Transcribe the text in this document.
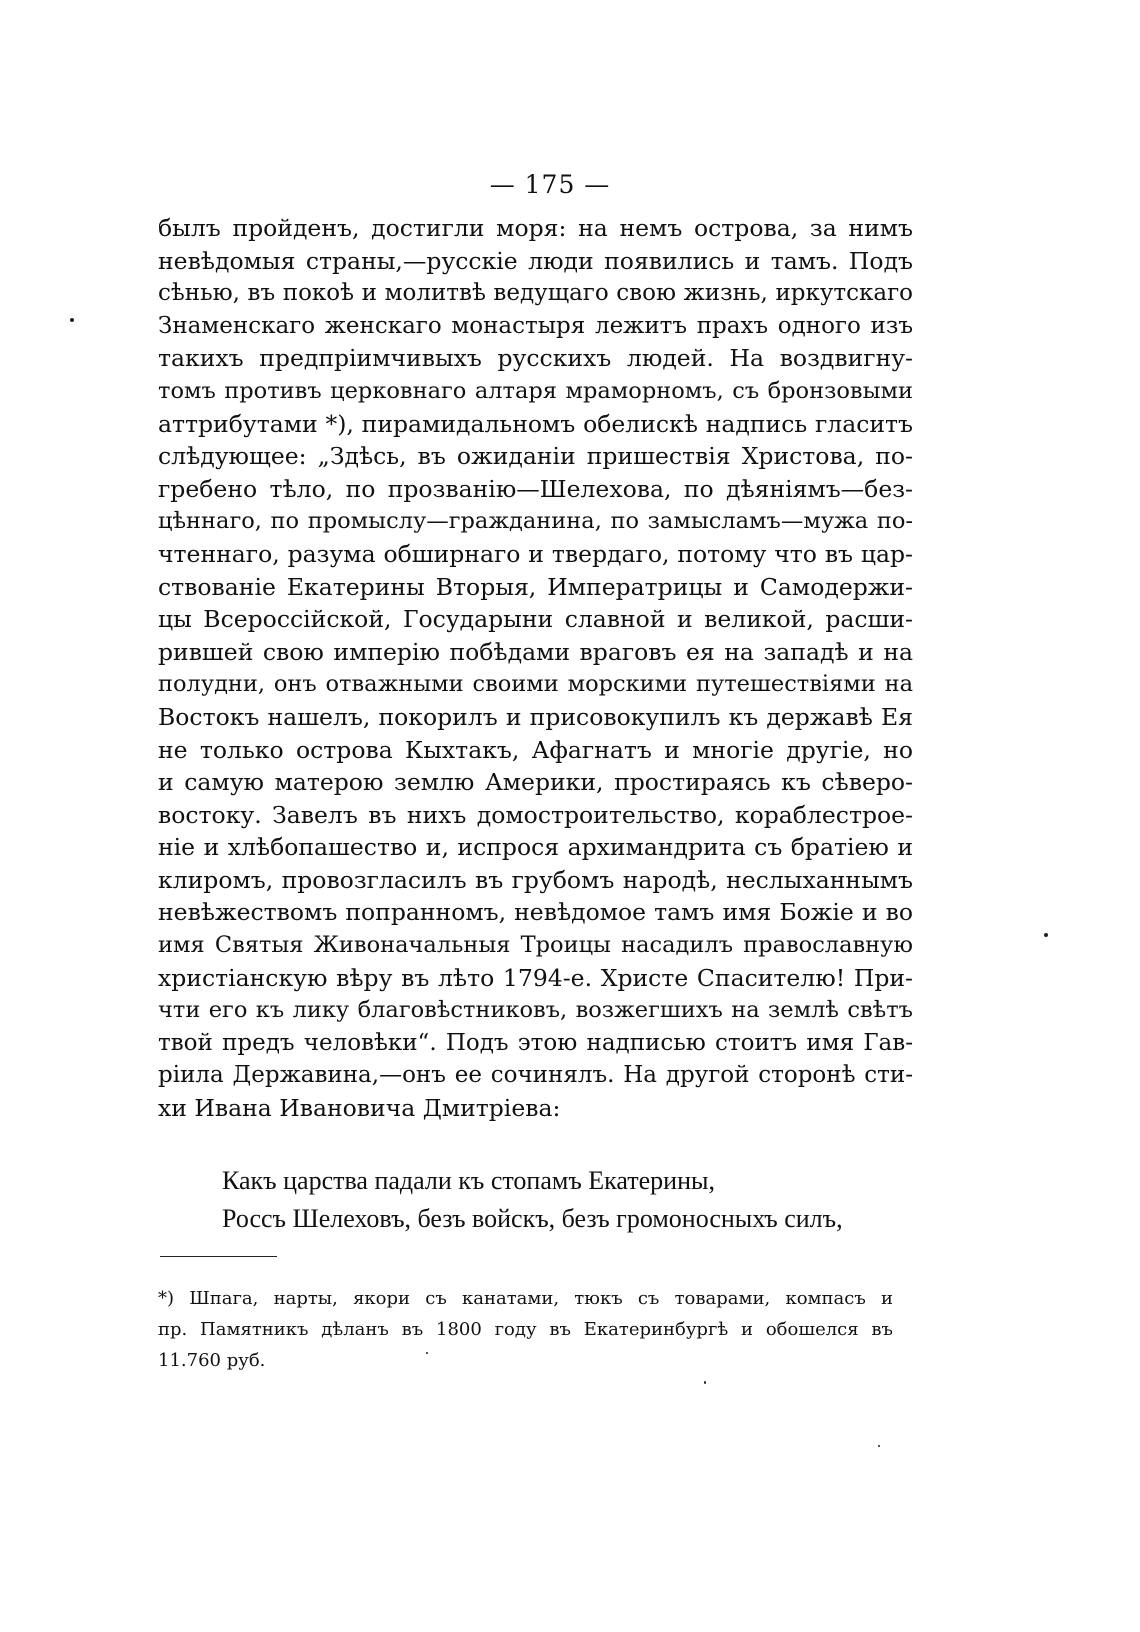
— 175 —
былъ пройденъ, достигли моря: на немъ острова, за нимъ
невѣдомыя страны,—русскіе люди появились и тамъ. Подъ
сѣнью, въ покоѣ и молитвѣ ведущаго свою жизнь, иркутскаго
Знаменскаго женскаго монастыря лежитъ прахъ одного изъ
такихъ предпріимчивыхъ русскихъ людей. На воздвигну-
томъ противъ церковнаго алтаря мраморномъ, съ бронзовыми
аттрибутами *), пирамидальномъ обелискѣ надпись гласитъ
слѣдующее: „Здѣсь, въ ожиданіи пришествія Христова, по-
гребено тѣло, по прозванію—Шелехова, по дѣяніямъ—без-
цѣннаго, по промыслу—гражданина, по замысламъ—мужа по-
чтеннаго, разума обширнаго и твердаго, потому что въ цар-
ствованіе Екатерины Вторыя, Императрицы и Самодержи-
цы Всероссійской, Государыни славной и великой, расши-
рившей свою имперію побѣдами враговъ ея на западѣ и на
полудни, онъ отважными своими морскими путешествіями на
Востокъ нашелъ, покорилъ и присовокупилъ къ державѣ Ея
не только острова Кыхтакъ, Афагнатъ и многіе другіе, но
и самую матерою землю Америки, простираясь къ сѣверо-
востоку. Завелъ въ нихъ домостроительство, кораблестрое-
ніе и хлѣбопашество и, испрося архимандрита съ братіею и
клиромъ, провозгласилъ въ грубомъ народѣ, неслыханнымъ
невѣжествомъ попранномъ, невѣдомое тамъ имя Божіе и во
имя Святыя Живоначальныя Троицы насадилъ православную
христіанскую вѣру въ лѣто 1794-е. Христе Спасителю! При-
чти его къ лику благовѣстниковъ, возжегшихъ на землѣ свѣтъ
твой предъ человѣки“. Подъ этою надписью стоитъ имя Гав-
ріила Державина,—онъ ее сочинялъ. На другой сторонѣ сти-
хи Ивана Ивановича Дмитріева:
Какъ царства падали къ стопамъ Екатерины,
Россъ Шелеховъ, безъ войскъ, безъ громоносныхъ силъ,
*) Шпага, нарты, якори съ канатами, тюкъ съ товарами, компасъ и
пр. Памятникъ дѣланъ въ 1800 году въ Екатеринбургѣ и обошелся въ
11.760 руб.
